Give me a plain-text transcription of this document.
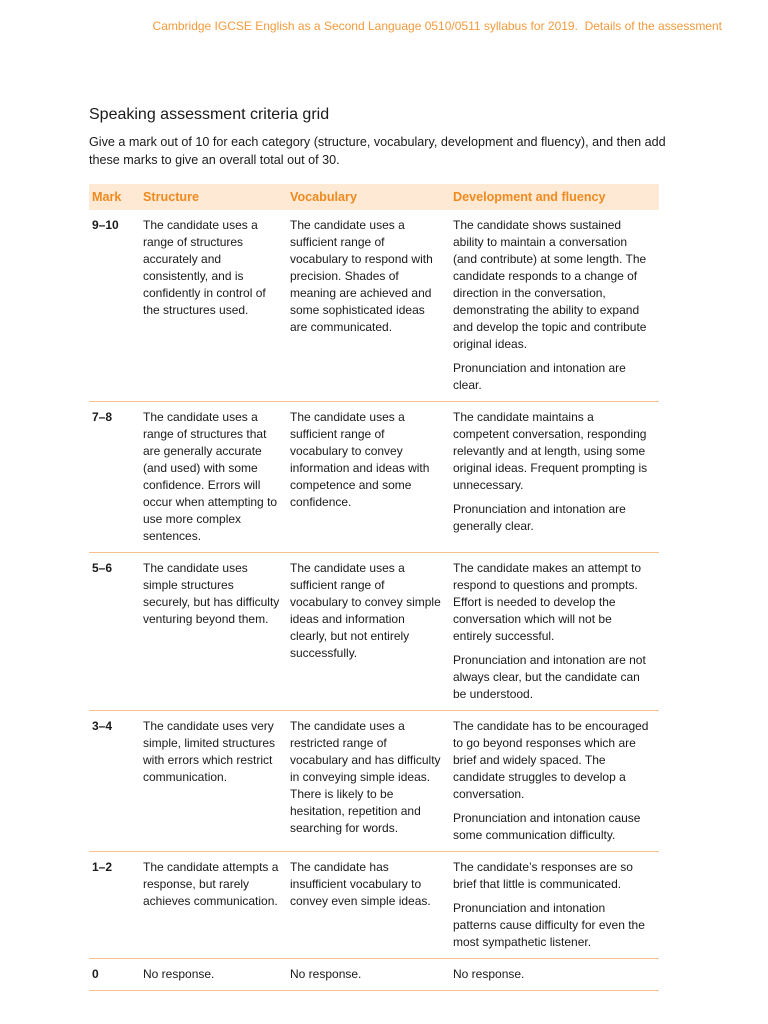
Cambridge IGCSE English as a Second Language 0510/0511 syllabus for 2019. Details of the assessment
Speaking assessment criteria grid

Give a mark out of 10 for each category (structure, vocabulary, development and fluency), and then add these marks to give an overall total out of 30.

Mark	Structure	Vocabulary	Development and fluency
9–10	The candidate uses a range of structures accurately and consistently, and is confidently in control of the structures used.	The candidate uses a sufficient range of vocabulary to respond with precision. Shades of meaning are achieved and some sophisticated ideas are communicated.	The candidate shows sustained ability to maintain a conversation (and contribute) at some length. The candidate responds to a change of direction in the conversation, demonstrating the ability to expand and develop the topic and contribute original ideas.

Pronunciation and intonation are clear.

7–8	The candidate uses a range of structures that are generally accurate (and used) with some confidence. Errors will occur when attempting to use more complex sentences.	The candidate uses a sufficient range of vocabulary to convey information and ideas with competence and some confidence.	The candidate maintains a competent conversation, responding relevantly and at length, using some original ideas. Frequent prompting is unnecessary.

Pronunciation and intonation are generally clear.

5–6	The candidate uses simple structures securely, but has difficulty venturing beyond them.	The candidate uses a sufficient range of vocabulary to convey simple ideas and information clearly, but not entirely successfully.	The candidate makes an attempt to respond to questions and prompts. Effort is needed to develop the conversation which will not be entirely successful.

Pronunciation and intonation are not always clear, but the candidate can be understood.

3–4	The candidate uses very simple, limited structures with errors which restrict communication.	The candidate uses a restricted range of vocabulary and has difficulty in conveying simple ideas. There is likely to be hesitation, repetition and searching for words.	The candidate has to be encouraged to go beyond responses which are brief and widely spaced. The candidate struggles to develop a conversation.

Pronunciation and intonation cause some communication difficulty.

1–2	The candidate attempts a response, but rarely achieves communication.	The candidate has insufficient vocabulary to convey even simple ideas.	The candidate’s responses are so brief that little is communicated.

Pronunciation and intonation patterns cause difficulty for even the most sympathetic listener.

0	No response.	No response.	No response.
